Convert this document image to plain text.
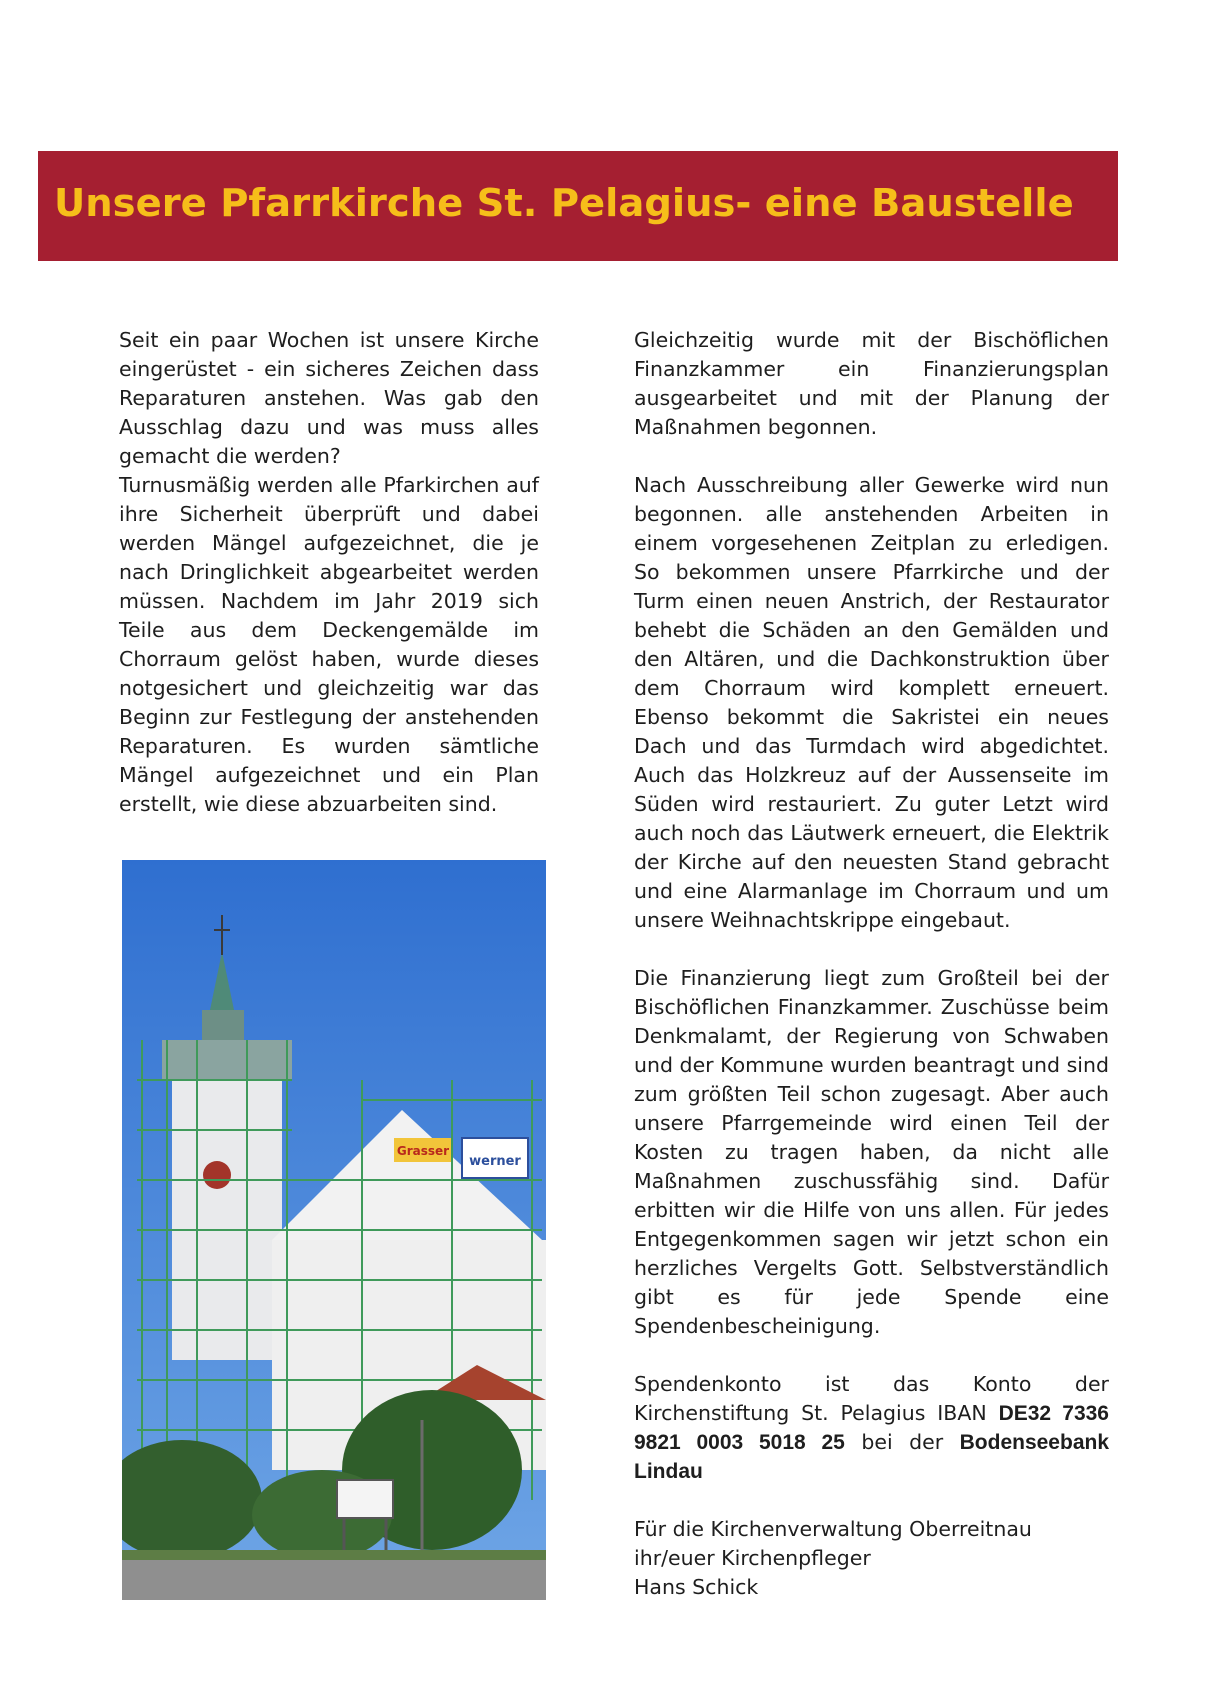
Unsere Pfarrkirche St. Pelagius- eine Baustelle

Seit ein paar Wochen ist unsere Kirche eingerüstet - ein sicheres Zeichen dass Reparaturen anstehen. Was gab den Ausschlag dazu und was muss alles gemacht die werden?

Turnusmäßig werden alle Pfarkirchen auf ihre Sicherheit überprüft und dabei werden Mängel aufgezeichnet, die je nach Dringlichkeit abgearbeitet werden müssen. Nachdem im Jahr 2019 sich Teile aus dem Deckengemälde im Chorraum gelöst haben, wurde dieses notgesichert und gleichzeitig war das Beginn zur Festlegung der anstehenden Reparaturen. Es wurden sämtliche Mängel aufgezeichnet und ein Plan erstellt, wie diese abzuarbeiten sind.

Grasser
werner

Gleichzeitig wurde mit der Bischöflichen Finanzkammer ein Finanzierungsplan ausgearbeitet und mit der Planung der Maßnahmen begonnen.

Nach Ausschreibung aller Gewerke wird nun begonnen. alle anstehenden Arbeiten in einem vorgesehenen Zeitplan zu erledigen. So bekommen unsere Pfarrkirche und der Turm einen neuen Anstrich, der Restaurator behebt die Schäden an den Gemälden und den Altären, und die Dachkonstruktion über dem Chorraum wird komplett erneuert. Ebenso bekommt die Sakristei ein neues Dach und das Turmdach wird abgedichtet. Auch das Holzkreuz auf der Aussenseite im Süden wird restauriert. Zu guter Letzt wird auch noch das Läutwerk erneuert, die Elektrik der Kirche auf den neuesten Stand gebracht und eine Alarmanlage im Chorraum und um unsere Weihnachtskrippe eingebaut.

Die Finanzierung liegt zum Großteil bei der Bischöflichen Finanzkammer. Zuschüsse beim Denkmalamt, der Regierung von Schwaben und der Kommune wurden beantragt und sind zum größten Teil schon zugesagt. Aber auch unsere Pfarrgemeinde wird einen Teil der Kosten zu tragen haben, da nicht alle Maßnahmen zuschussfähig sind. Dafür erbitten wir die Hilfe von uns allen. Für jedes Entgegenkommen sagen wir jetzt schon ein herzliches Vergelts Gott. Selbstverständlich gibt es für jede Spende eine Spendenbescheinigung.

Spendenkonto ist das Konto der Kirchenstiftung St. Pelagius IBAN DE32 7336 9821 0003 5018 25 bei der Bodenseebank Lindau

Für die Kirchenverwaltung Oberreitnau

ihr/euer Kirchenpfleger

Hans Schick
